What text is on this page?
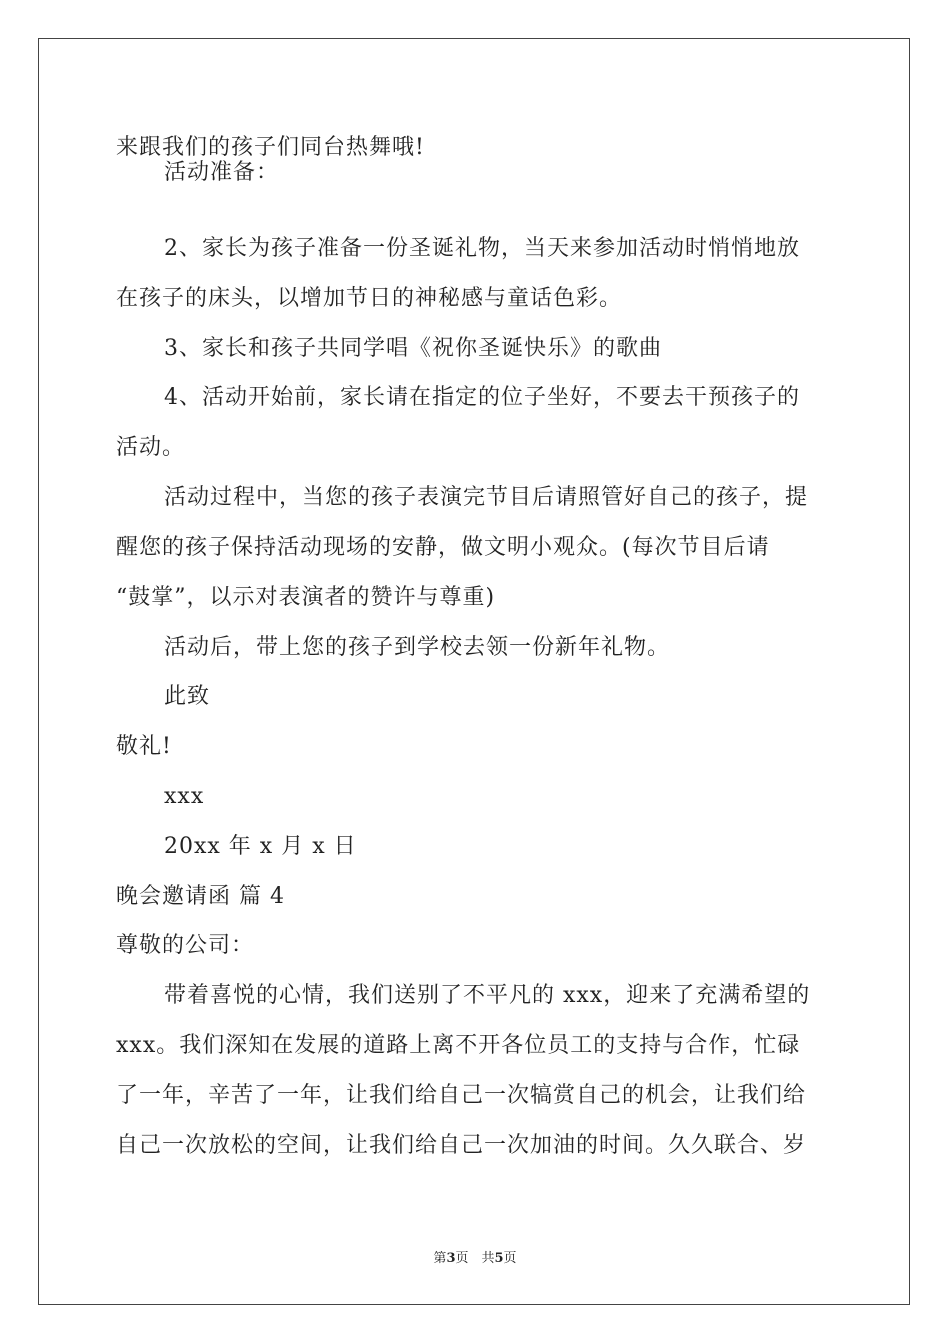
来跟我们的孩子们同台热舞哦!
活动准备：
2、家长为孩子准备一份圣诞礼物，当天来参加活动时悄悄地放
在孩子的床头，以增加节日的神秘感与童话色彩。
3、家长和孩子共同学唱《祝你圣诞快乐》的歌曲
4、活动开始前，家长请在指定的位子坐好，不要去干预孩子的
活动。
活动过程中，当您的孩子表演完节目后请照管好自己的孩子，提
醒您的孩子保持活动现场的安静，做文明小观众。(每次节目后请
“鼓掌”，以示对表演者的赞许与尊重)
活动后，带上您的孩子到学校去领一份新年礼物。
此致
敬礼!
xxx
20xx 年 x 月 x 日
晚会邀请函 篇 4
尊敬的公司：
带着喜悦的心情，我们送别了不平凡的 xxx，迎来了充满希望的
xxx。我们深知在发展的道路上离不开各位员工的支持与合作，忙碌
了一年，辛苦了一年，让我们给自己一次犒赏自己的机会，让我们给
自己一次放松的空间，让我们给自己一次加油的时间。久久联合、岁
第3页　共5页
